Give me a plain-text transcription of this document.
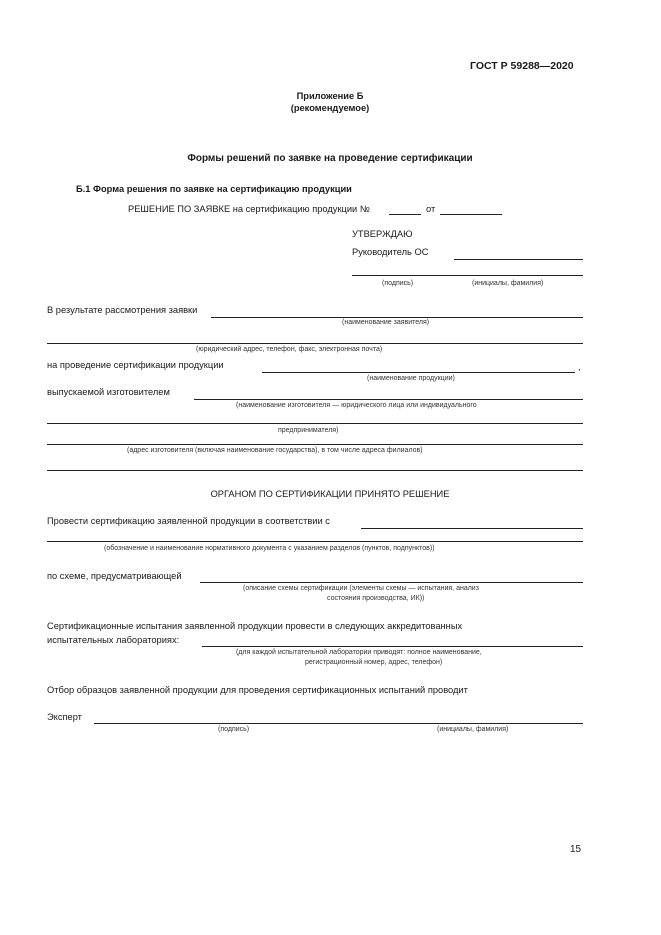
ГОСТ Р 59288—2020
Приложение Б
(рекомендуемое)
Формы решений по заявке на проведение сертификации
Б.1 Форма решения по заявке на сертификацию продукции
РЕШЕНИЕ ПО ЗАЯВКЕ на сертификацию продукции №	от
УТВЕРЖДАЮ
Руководитель ОС
(подпись)	(инициалы, фамилия)
В результате рассмотрения заявки
(наименование заявителя)
(юридический адрес, телефон, факс, электронная почта)
на проведение сертификации продукции	,
(наименование продукции)
выпускаемой изготовителем
(наименование изготовителя — юридического лица или индивидуального
предпринимателя)
(адрес изготовителя (включая наименование государства), в том числе адреса филиалов)
ОРГАНОМ ПО СЕРТИФИКАЦИИ ПРИНЯТО РЕШЕНИЕ
Провести сертификацию заявленной продукции в соответствии с
(обозначение и наименование нормативного документа с указанием разделов (пунктов, подпунктов))
по схеме, предусматривающей
(описание схемы сертификации (элементы схемы — испытания, анализ
состояния производства, ИК))
Сертификационные испытания заявленной продукции провести в следующих аккредитованных
испытательных лабораториях:
(для каждой испытательной лаборатории приводят: полное наименование,
регистрационный номер, адрес, телефон)
Отбор образцов заявленной продукции для проведения сертификационных испытаний проводит
Эксперт
(подпись)	(инициалы, фамилия)
15
